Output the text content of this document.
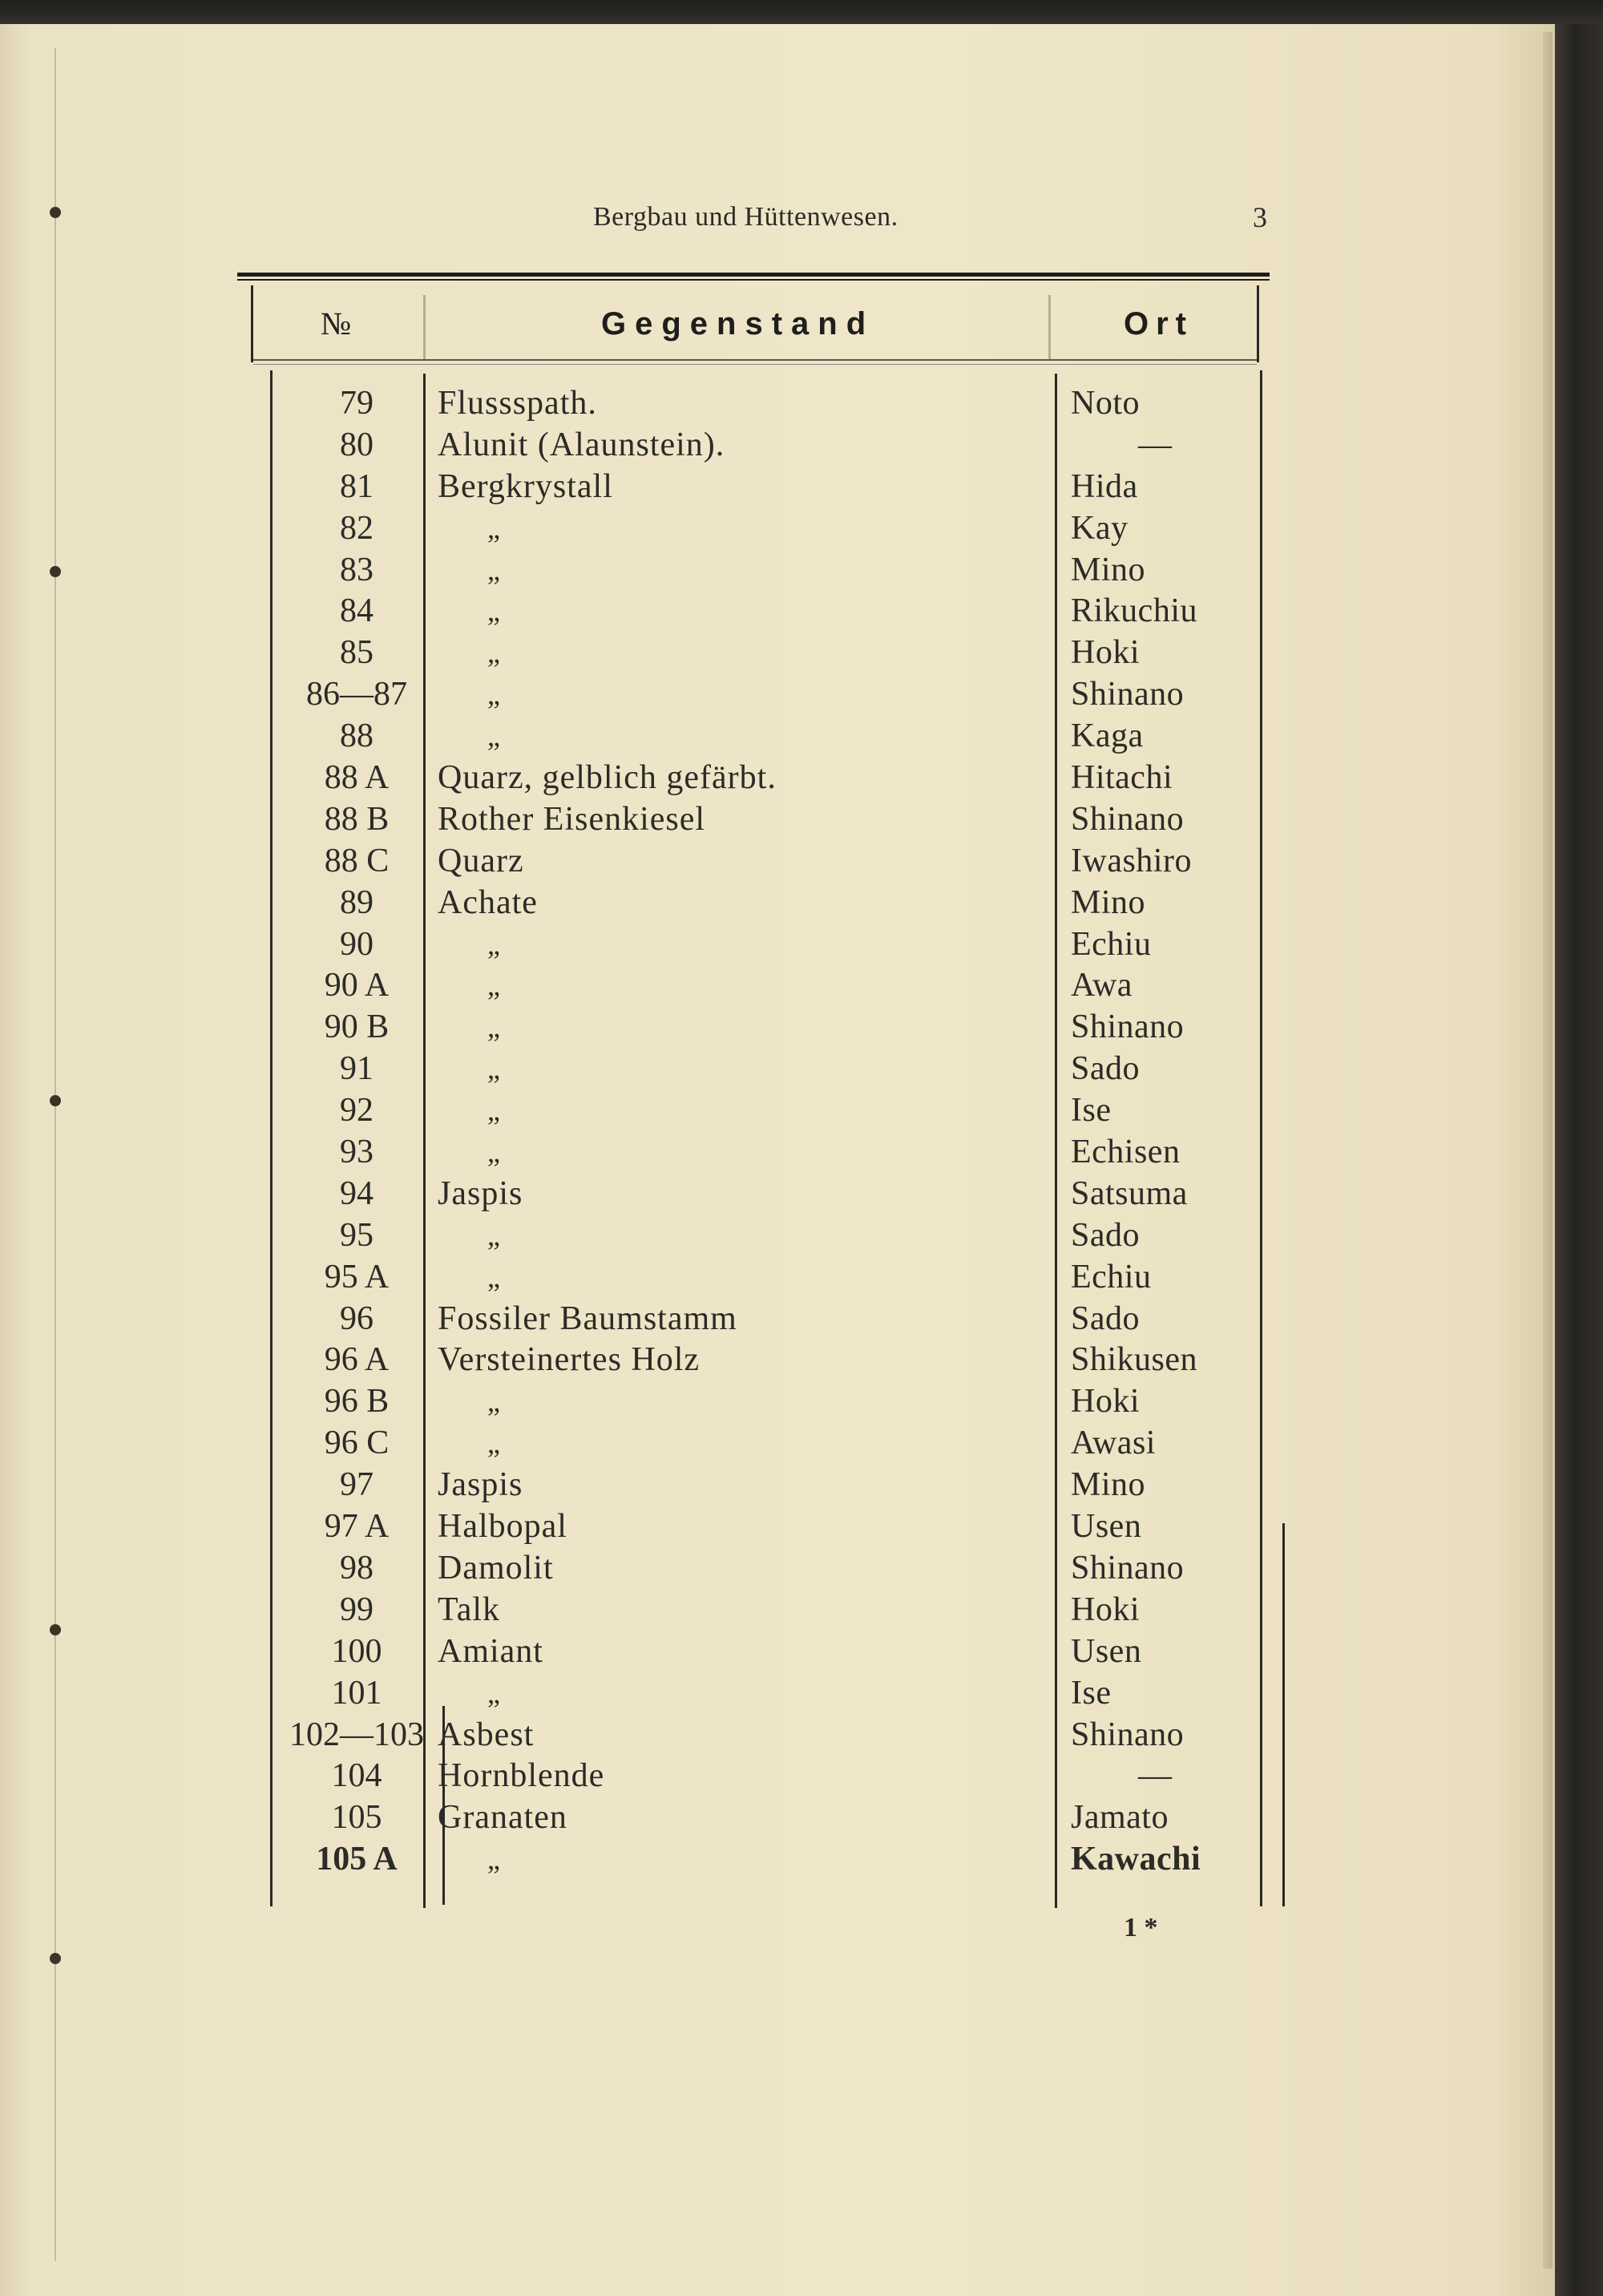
Bergbau und Hüttenwesen.	3
№	Gegenstand	Ort
79	Flussspath.	Noto
80	Alunit (Alaunstein).	—
81	Bergkrystall	Hida
82	„	Kay
83	„	Mino
84	„	Rikuchiu
85	„	Hoki
86—87	„	Shinano
88	„	Kaga
88 A	Quarz, gelblich gefärbt.	Hitachi
88 B	Rother Eisenkiesel	Shinano
88 C	Quarz	Iwashiro
89	Achate	Mino
90	„	Echiu
90 A	„	Awa
90 B	„	Shinano
91	„	Sado
92	„	Ise
93	„	Echisen
94	Jaspis	Satsuma
95	„	Sado
95 A	„	Echiu
96	Fossiler Baumstamm	Sado
96 A	Versteinertes Holz	Shikusen
96 B	„	Hoki
96 C	„	Awasi
97	Jaspis	Mino
97 A	Halbopal	Usen
98	Damolit	Shinano
99	Talk	Hoki
100	Amiant	Usen
101	„	Ise
102—103 Asbest	Shinano
104	Hornblende	—
105	Granaten	Jamato
105 A	„	Kawachi
1 *
